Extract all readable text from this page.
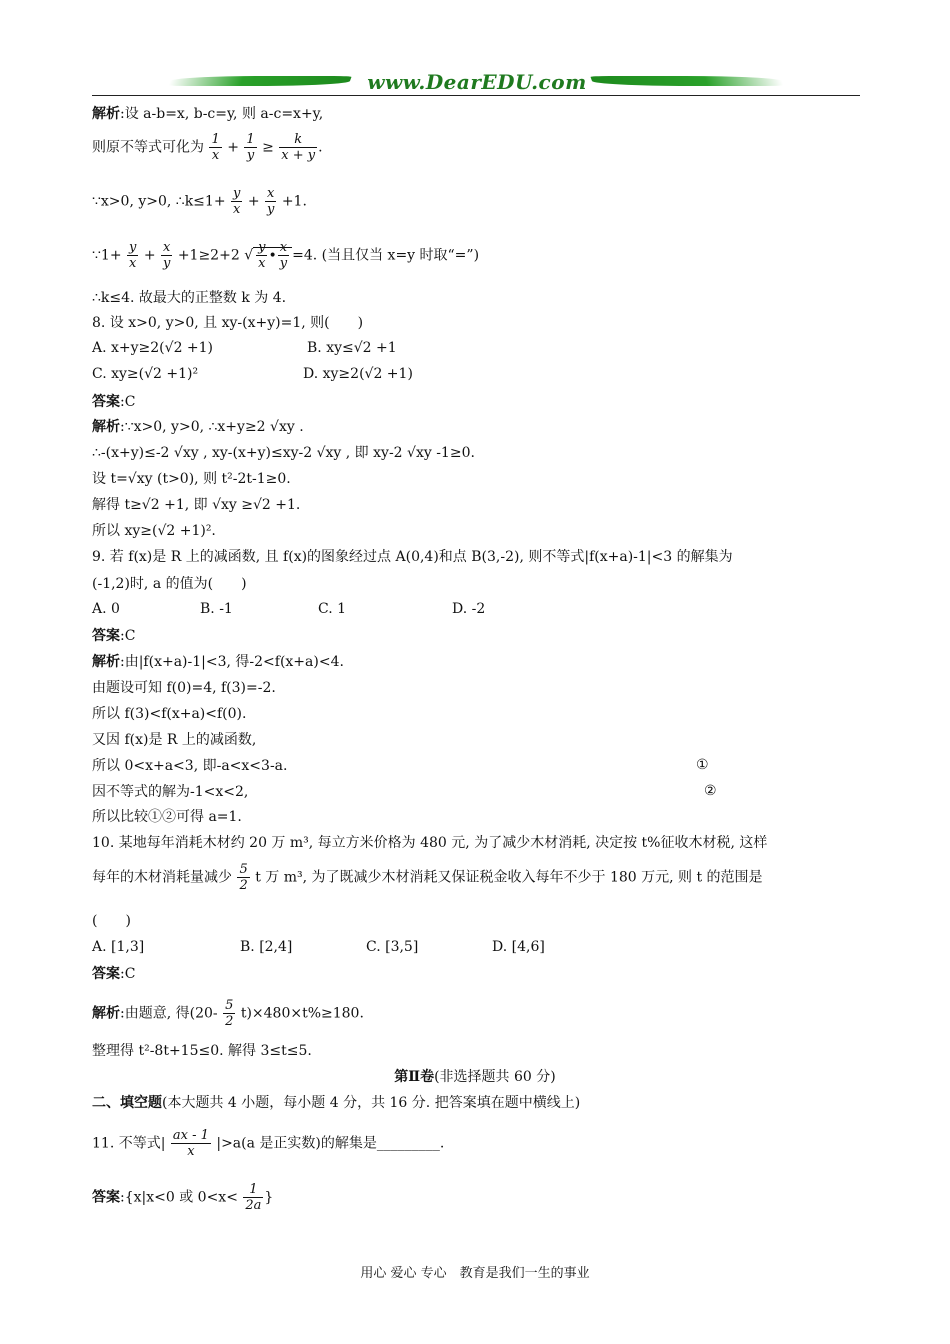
www.DearEDU.com
解析:设 a-b=x, b-c=y, 则 a-c=x+y,
则原不等式可化为 $\frac{1}{x} + \frac{1}{y} \ge \frac{k}{x + y}$ .
∵x>0, y>0, ∴k≤1+ $\frac{y}{x} + \frac{x}{y} +1$.
∵1+ $\frac{y}{x} + \frac{x}{y} +1\ge 2+2$ √ $\frac{y}{x}$ • $\frac{x}{y} =4$. (当且仅当 x=y 时取“=”)
∴k≤4. 故最大的正整数 k 为 4.
8. 设 x>0, y>0, 且 xy-(x+y)=1, 则(　　)
A. x+y≥2(√2 +1)	B. xy≤√2 +1
C. xy≥(√2 +1)²	D. xy≥2(√2 +1)
答案:C
解析:∵x>0, y>0, ∴x+y≥2 √xy .
∴-(x+y)≤-2 √xy , xy-(x+y)≤xy-2 √xy , 即 xy-2 √xy -1≥0.
设 t=√xy (t>0), 则 t²-2t-1≥0.
解得 t≥√2 +1, 即 √xy ≥√2 +1.
所以 xy≥(√2 +1)².
9. 若 f(x)是 R 上的减函数, 且 f(x)的图象经过点 A(0,4)和点 B(3,-2), 则不等式|f(x+a)-1|<3 的解集为
(-1,2)时, a 的值为(　　)
A. 0	B. -1	C. 1	D. -2
答案:C
解析:由|f(x+a)-1|<3, 得-2<f(x+a)<4.
由题设可知 f(0)=4, f(3)=-2.
所以 f(3)<f(x+a)<f(0).
又因 f(x)是 R 上的减函数,
所以 0<x+a<3, 即-a<x<3-a.	①
因不等式的解为-1<x<2,	②
所以比较①②可得 a=1.
10. 某地每年消耗木材约 20 万 m³, 每立方米价格为 480 元, 为了减少木材消耗, 决定按 t%征收木材税, 这样
每年的木材消耗量减少 $\frac{5}{2}$ t 万 m³, 为了既减少木材消耗又保证税金收入每年不少于 180 万元, 则 t 的范围是
(　　)
A. [1,3]	B. [2,4]	C. [3,5]	D. [4,6]
答案:C
解析:由题意, 得$(20- \frac{5}{2} t)\times 480\times t\%\ge 180$.
整理得 t²-8t+15≤0. 解得 3≤t≤5.
第Ⅱ卷(非选择题共 60 分)
二、填空题(本大题共 4 小题，每小题 4 分，共 16 分. 把答案填在题中横线上)
11. 不等式| $\frac{ax - 1}{x} |>a(a$ 是正实数)的解集是_________.
答案:{x|x<0 或 $0<x< \frac{1}{2a}$ }
用心 爱心 专心　教育是我们一生的事业
